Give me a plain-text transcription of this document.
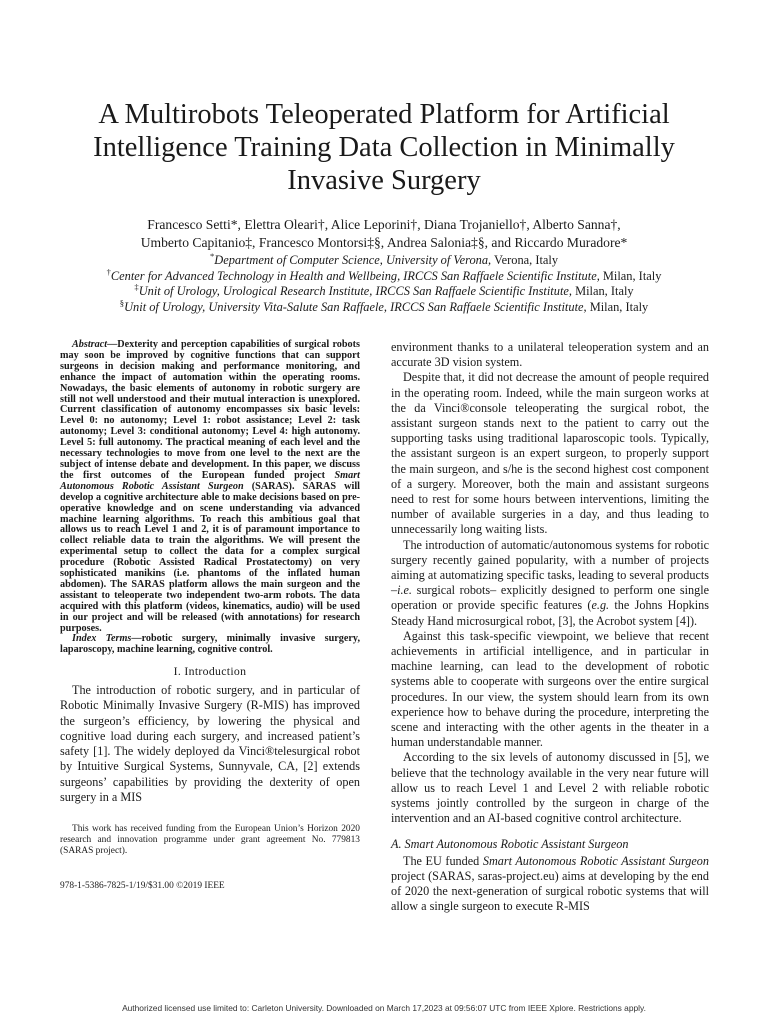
A Multirobots Teleoperated Platform for Artificial
Intelligence Training Data Collection in Minimally
Invasive Surgery
Francesco Setti*, Elettra Oleari†, Alice Leporini†, Diana Trojaniello†, Alberto Sanna†,
Umberto Capitanio‡, Francesco Montorsi‡§, Andrea Salonia‡§, and Riccardo Muradore*
*Department of Computer Science, University of Verona, Verona, Italy
†Center for Advanced Technology in Health and Wellbeing, IRCCS San Raffaele Scientific Institute, Milan, Italy
‡Unit of Urology, Urological Research Institute, IRCCS San Raffaele Scientific Institute, Milan, Italy
§Unit of Urology, University Vita-Salute San Raffaele, IRCCS San Raffaele Scientific Institute, Milan, Italy

Abstract—Dexterity and perception capabilities of surgical robots may soon be improved by cognitive functions that can support surgeons in decision making and performance monitoring, and enhance the impact of automation within the operating rooms. Nowadays, the basic elements of autonomy in robotic surgery are still not well understood and their mutual interaction is unexplored. Current classification of autonomy encompasses six basic levels: Level 0: no autonomy; Level 1: robot assistance; Level 2: task autonomy; Level 3: conditional autonomy; Level 4: high autonomy. Level 5: full autonomy. The practical meaning of each level and the necessary technologies to move from one level to the next are the subject of intense debate and development. In this paper, we discuss the first outcomes of the European funded project Smart Autonomous Robotic Assistant Surgeon (SARAS). SARAS will develop a cognitive architecture able to make decisions based on pre-operative knowledge and on scene understanding via advanced machine learning algorithms. To reach this ambitious goal that allows us to reach Level 1 and 2, it is of paramount importance to collect reliable data to train the algorithms. We will present the experimental setup to collect the data for a complex surgical procedure (Robotic Assisted Radical Prostatectomy) on very sophisticated manikins (i.e. phantoms of the inflated human abdomen). The SARAS platform allows the main surgeon and the assistant to teleoperate two independent two-arm robots. The data acquired with this platform (videos, kinematics, audio) will be used in our project and will be released (with annotations) for research purposes.

Index Terms—robotic surgery, minimally invasive surgery, laparoscopy, machine learning, cognitive control.

I. Introduction

The introduction of robotic surgery, and in particular of Robotic Minimally Invasive Surgery (R-MIS) has improved the surgeon’s efficiency, by lowering the physical and cognitive load during each surgery, and increased patient’s safety [1]. The widely deployed da Vinci®telesurgical robot by Intuitive Surgical Systems, Sunnyvale, CA, [2] extends surgeons’ capabilities by providing the dexterity of open surgery in a MIS

This work has received funding from the European Union’s Horizon 2020 research and innovation programme under grant agreement No. 779813 (SARAS project).

978-1-5386-7825-1/19/$31.00 ©2019 IEEE

environment thanks to a unilateral teleoperation system and an accurate 3D vision system.

Despite that, it did not decrease the amount of people required in the operating room. Indeed, while the main surgeon works at the da Vinci®console teleoperating the surgical robot, the assistant surgeon stands next to the patient to carry out the supporting tasks using traditional laparoscopic tools. Typically, the assistant surgeon is an expert surgeon, to properly support the main surgeon, and s/he is the second highest cost component of a surgery. Moreover, both the main and assistant surgeons need to rest for some hours between interventions, limiting the number of available surgeries in a day, and thus leading to unnecessarily long waiting lists.

The introduction of automatic/autonomous systems for robotic surgery recently gained popularity, with a number of projects aiming at automatizing specific tasks, leading to several products –i.e. surgical robots– explicitly designed to perform one single operation or provide specific features (e.g. the Johns Hopkins Steady Hand microsurgical robot, [3], the Acrobot system [4]).

Against this task-specific viewpoint, we believe that recent achievements in artificial intelligence, and in particular in machine learning, can lead to the development of robotic systems able to cooperate with surgeons over the entire surgical procedures. In our view, the system should learn from its own experience how to behave during the procedure, interpreting the scene and interacting with the other agents in the theater in a human understandable manner.

According to the six levels of autonomy discussed in [5], we believe that the technology available in the very near future will allow us to reach Level 1 and Level 2 with reliable robotic systems jointly controlled by the surgeon in charge of the intervention and an AI-based cognitive control architecture.

A. Smart Autonomous Robotic Assistant Surgeon

The EU funded Smart Autonomous Robotic Assistant Surgeon project (SARAS, saras-project.eu) aims at developing by the end of 2020 the next-generation of surgical robotic systems that will allow a single surgeon to execute R-MIS

Authorized licensed use limited to: Carleton University. Downloaded on March 17,2023 at 09:56:07 UTC from IEEE Xplore. Restrictions apply.
